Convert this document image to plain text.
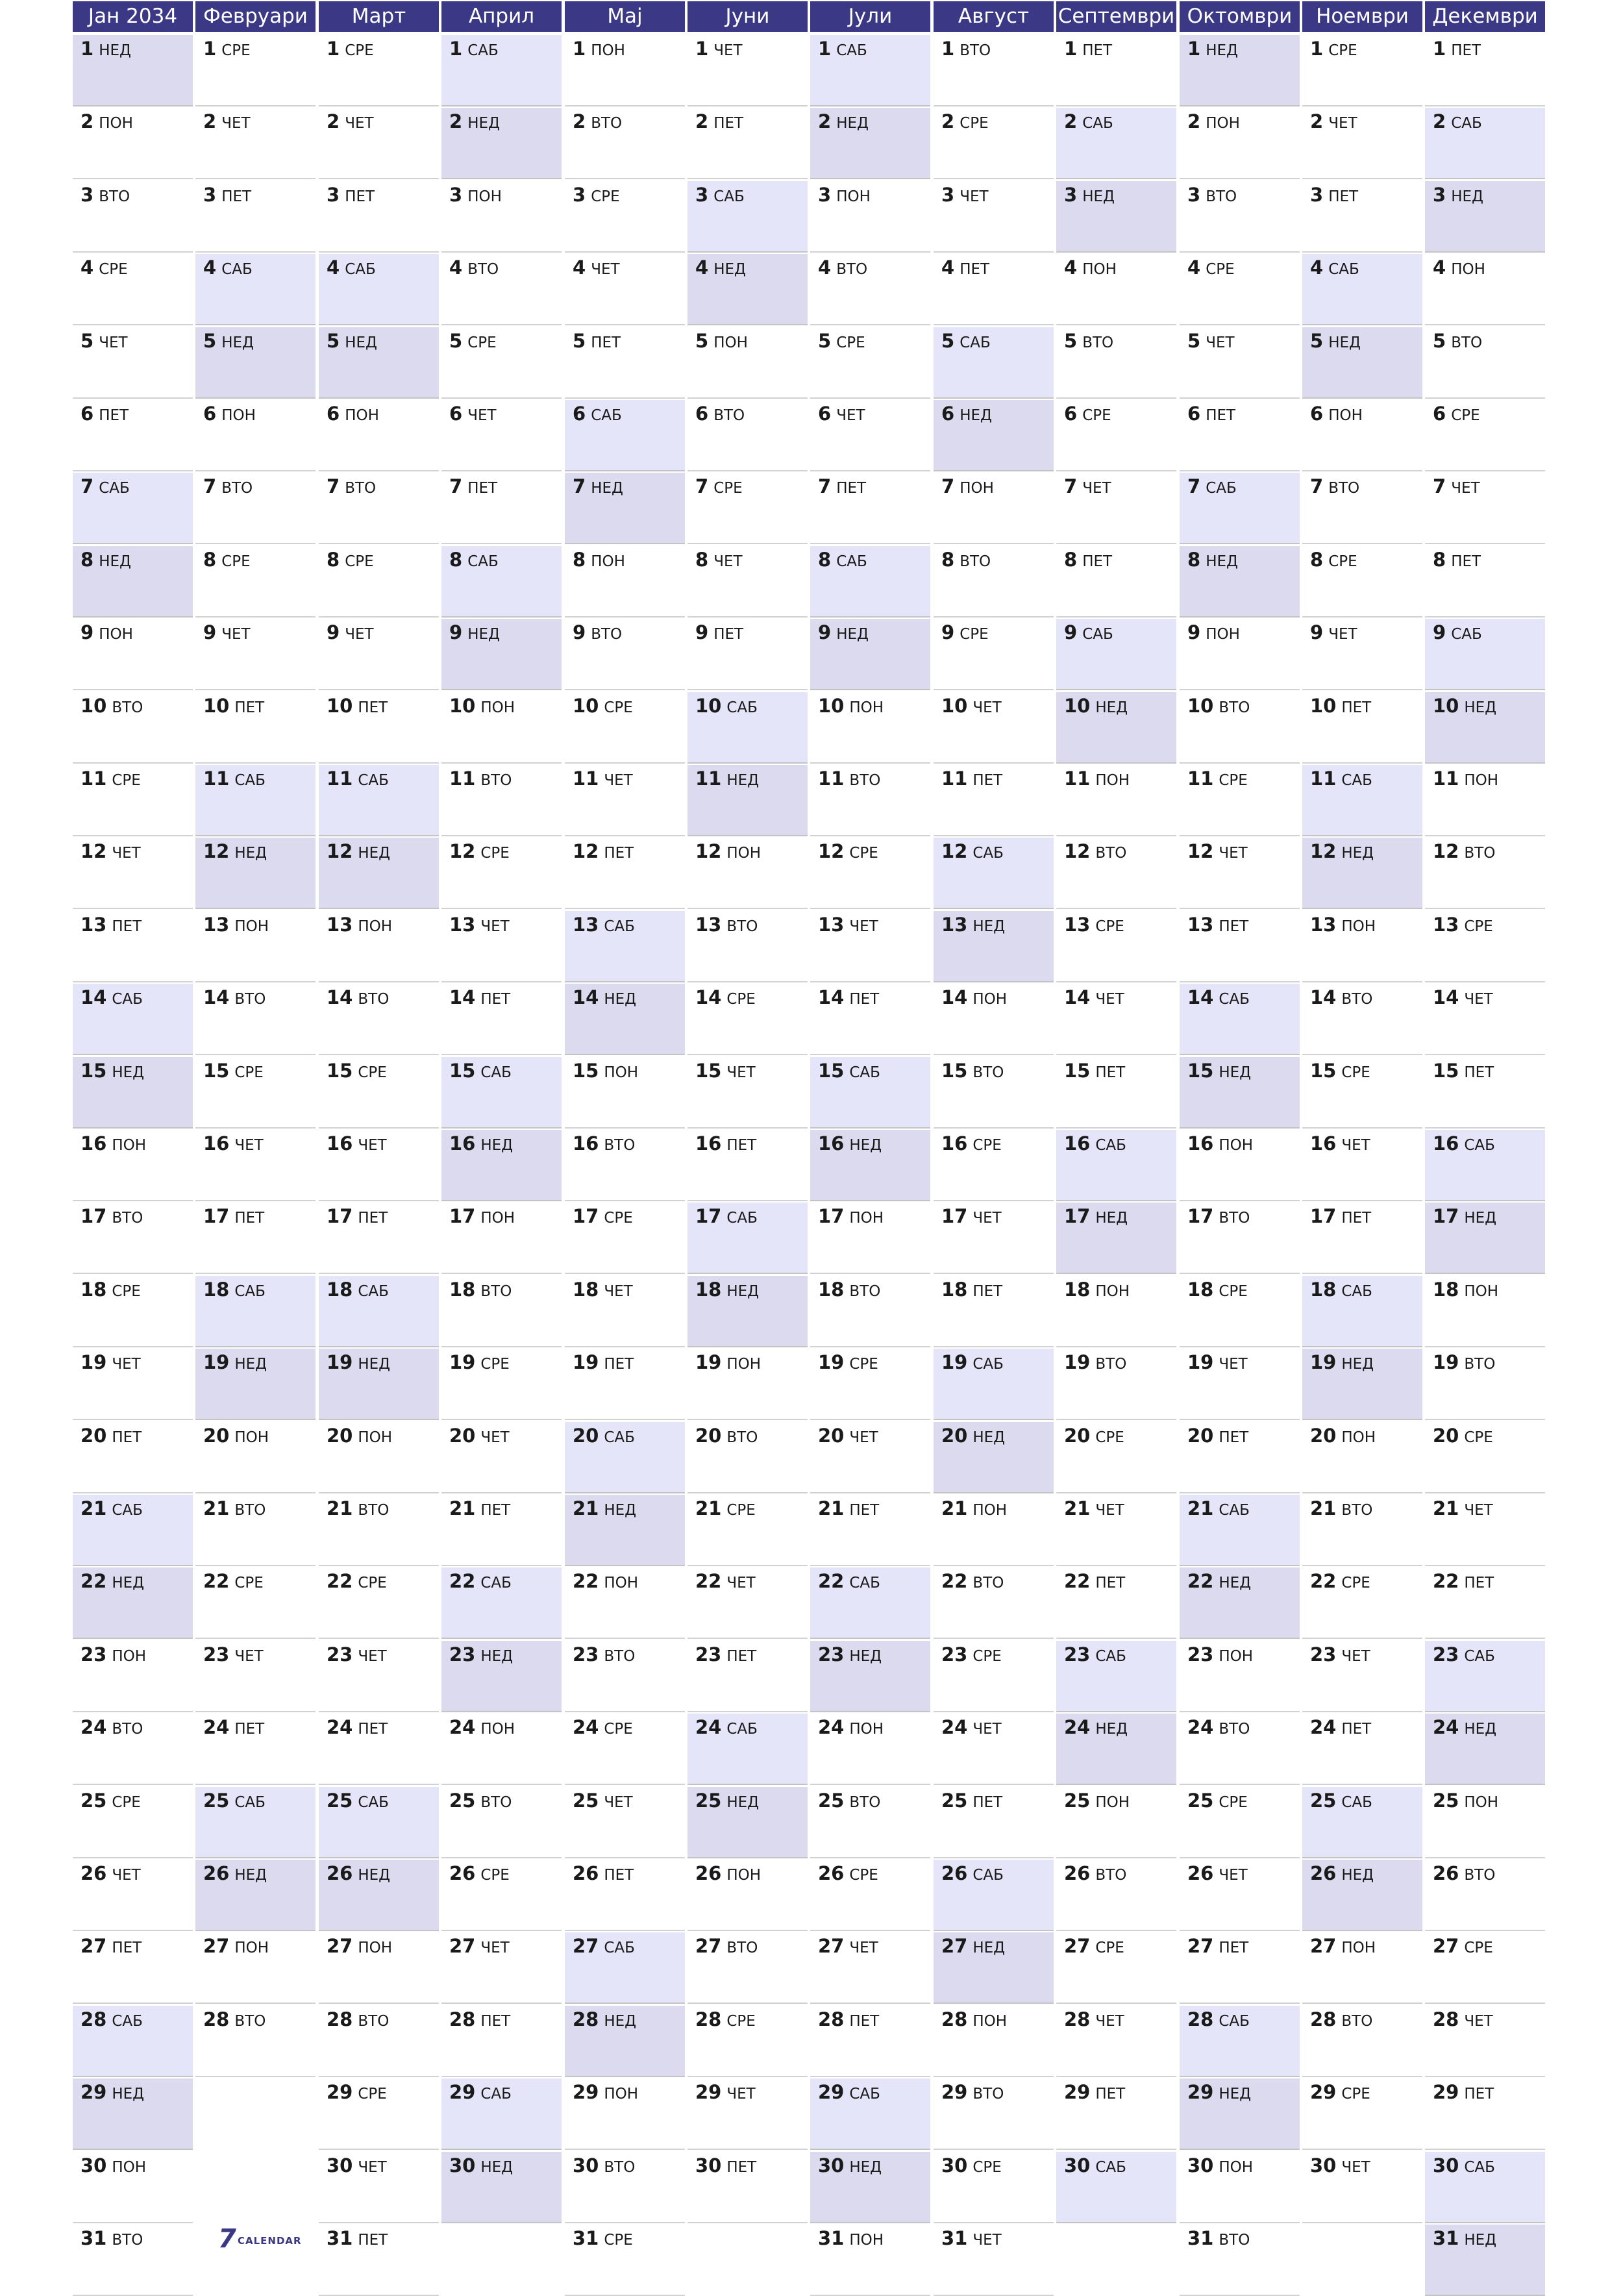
Јан 2034
1 НЕД
2 ПОН
3 ВТО
4 СРЕ
5 ЧЕТ
6 ПЕТ
7 САБ
8 НЕД
9 ПОН
10 ВТО
11 СРЕ
12 ЧЕТ
13 ПЕТ
14 САБ
15 НЕД
16 ПОН
17 ВТО
18 СРЕ
19 ЧЕТ
20 ПЕТ
21 САБ
22 НЕД
23 ПОН
24 ВТО
25 СРЕ
26 ЧЕТ
27 ПЕТ
28 САБ
29 НЕД
30 ПОН
31 ВТО
Февруари
1 СРЕ
2 ЧЕТ
3 ПЕТ
4 САБ
5 НЕД
6 ПОН
7 ВТО
8 СРЕ
9 ЧЕТ
10 ПЕТ
11 САБ
12 НЕД
13 ПОН
14 ВТО
15 СРЕ
16 ЧЕТ
17 ПЕТ
18 САБ
19 НЕД
20 ПОН
21 ВТО
22 СРЕ
23 ЧЕТ
24 ПЕТ
25 САБ
26 НЕД
27 ПОН
28 ВТО
Март
1 СРЕ
2 ЧЕТ
3 ПЕТ
4 САБ
5 НЕД
6 ПОН
7 ВТО
8 СРЕ
9 ЧЕТ
10 ПЕТ
11 САБ
12 НЕД
13 ПОН
14 ВТО
15 СРЕ
16 ЧЕТ
17 ПЕТ
18 САБ
19 НЕД
20 ПОН
21 ВТО
22 СРЕ
23 ЧЕТ
24 ПЕТ
25 САБ
26 НЕД
27 ПОН
28 ВТО
29 СРЕ
30 ЧЕТ
31 ПЕТ
Април
1 САБ
2 НЕД
3 ПОН
4 ВТО
5 СРЕ
6 ЧЕТ
7 ПЕТ
8 САБ
9 НЕД
10 ПОН
11 ВТО
12 СРЕ
13 ЧЕТ
14 ПЕТ
15 САБ
16 НЕД
17 ПОН
18 ВТО
19 СРЕ
20 ЧЕТ
21 ПЕТ
22 САБ
23 НЕД
24 ПОН
25 ВТО
26 СРЕ
27 ЧЕТ
28 ПЕТ
29 САБ
30 НЕД
Мај
1 ПОН
2 ВТО
3 СРЕ
4 ЧЕТ
5 ПЕТ
6 САБ
7 НЕД
8 ПОН
9 ВТО
10 СРЕ
11 ЧЕТ
12 ПЕТ
13 САБ
14 НЕД
15 ПОН
16 ВТО
17 СРЕ
18 ЧЕТ
19 ПЕТ
20 САБ
21 НЕД
22 ПОН
23 ВТО
24 СРЕ
25 ЧЕТ
26 ПЕТ
27 САБ
28 НЕД
29 ПОН
30 ВТО
31 СРЕ
Јуни
1 ЧЕТ
2 ПЕТ
3 САБ
4 НЕД
5 ПОН
6 ВТО
7 СРЕ
8 ЧЕТ
9 ПЕТ
10 САБ
11 НЕД
12 ПОН
13 ВТО
14 СРЕ
15 ЧЕТ
16 ПЕТ
17 САБ
18 НЕД
19 ПОН
20 ВТО
21 СРЕ
22 ЧЕТ
23 ПЕТ
24 САБ
25 НЕД
26 ПОН
27 ВТО
28 СРЕ
29 ЧЕТ
30 ПЕТ
Јули
1 САБ
2 НЕД
3 ПОН
4 ВТО
5 СРЕ
6 ЧЕТ
7 ПЕТ
8 САБ
9 НЕД
10 ПОН
11 ВТО
12 СРЕ
13 ЧЕТ
14 ПЕТ
15 САБ
16 НЕД
17 ПОН
18 ВТО
19 СРЕ
20 ЧЕТ
21 ПЕТ
22 САБ
23 НЕД
24 ПОН
25 ВТО
26 СРЕ
27 ЧЕТ
28 ПЕТ
29 САБ
30 НЕД
31 ПОН
Август
1 ВТО
2 СРЕ
3 ЧЕТ
4 ПЕТ
5 САБ
6 НЕД
7 ПОН
8 ВТО
9 СРЕ
10 ЧЕТ
11 ПЕТ
12 САБ
13 НЕД
14 ПОН
15 ВТО
16 СРЕ
17 ЧЕТ
18 ПЕТ
19 САБ
20 НЕД
21 ПОН
22 ВТО
23 СРЕ
24 ЧЕТ
25 ПЕТ
26 САБ
27 НЕД
28 ПОН
29 ВТО
30 СРЕ
31 ЧЕТ
Септември
1 ПЕТ
2 САБ
3 НЕД
4 ПОН
5 ВТО
6 СРЕ
7 ЧЕТ
8 ПЕТ
9 САБ
10 НЕД
11 ПОН
12 ВТО
13 СРЕ
14 ЧЕТ
15 ПЕТ
16 САБ
17 НЕД
18 ПОН
19 ВТО
20 СРЕ
21 ЧЕТ
22 ПЕТ
23 САБ
24 НЕД
25 ПОН
26 ВТО
27 СРЕ
28 ЧЕТ
29 ПЕТ
30 САБ
Октомври
1 НЕД
2 ПОН
3 ВТО
4 СРЕ
5 ЧЕТ
6 ПЕТ
7 САБ
8 НЕД
9 ПОН
10 ВТО
11 СРЕ
12 ЧЕТ
13 ПЕТ
14 САБ
15 НЕД
16 ПОН
17 ВТО
18 СРЕ
19 ЧЕТ
20 ПЕТ
21 САБ
22 НЕД
23 ПОН
24 ВТО
25 СРЕ
26 ЧЕТ
27 ПЕТ
28 САБ
29 НЕД
30 ПОН
31 ВТО
Ноември
1 СРЕ
2 ЧЕТ
3 ПЕТ
4 САБ
5 НЕД
6 ПОН
7 ВТО
8 СРЕ
9 ЧЕТ
10 ПЕТ
11 САБ
12 НЕД
13 ПОН
14 ВТО
15 СРЕ
16 ЧЕТ
17 ПЕТ
18 САБ
19 НЕД
20 ПОН
21 ВТО
22 СРЕ
23 ЧЕТ
24 ПЕТ
25 САБ
26 НЕД
27 ПОН
28 ВТО
29 СРЕ
30 ЧЕТ
Декември
1 ПЕТ
2 САБ
3 НЕД
4 ПОН
5 ВТО
6 СРЕ
7 ЧЕТ
8 ПЕТ
9 САБ
10 НЕД
11 ПОН
12 ВТО
13 СРЕ
14 ЧЕТ
15 ПЕТ
16 САБ
17 НЕД
18 ПОН
19 ВТО
20 СРЕ
21 ЧЕТ
22 ПЕТ
23 САБ
24 НЕД
25 ПОН
26 ВТО
27 СРЕ
28 ЧЕТ
29 ПЕТ
30 САБ
31 НЕД
7 CALENDAR
